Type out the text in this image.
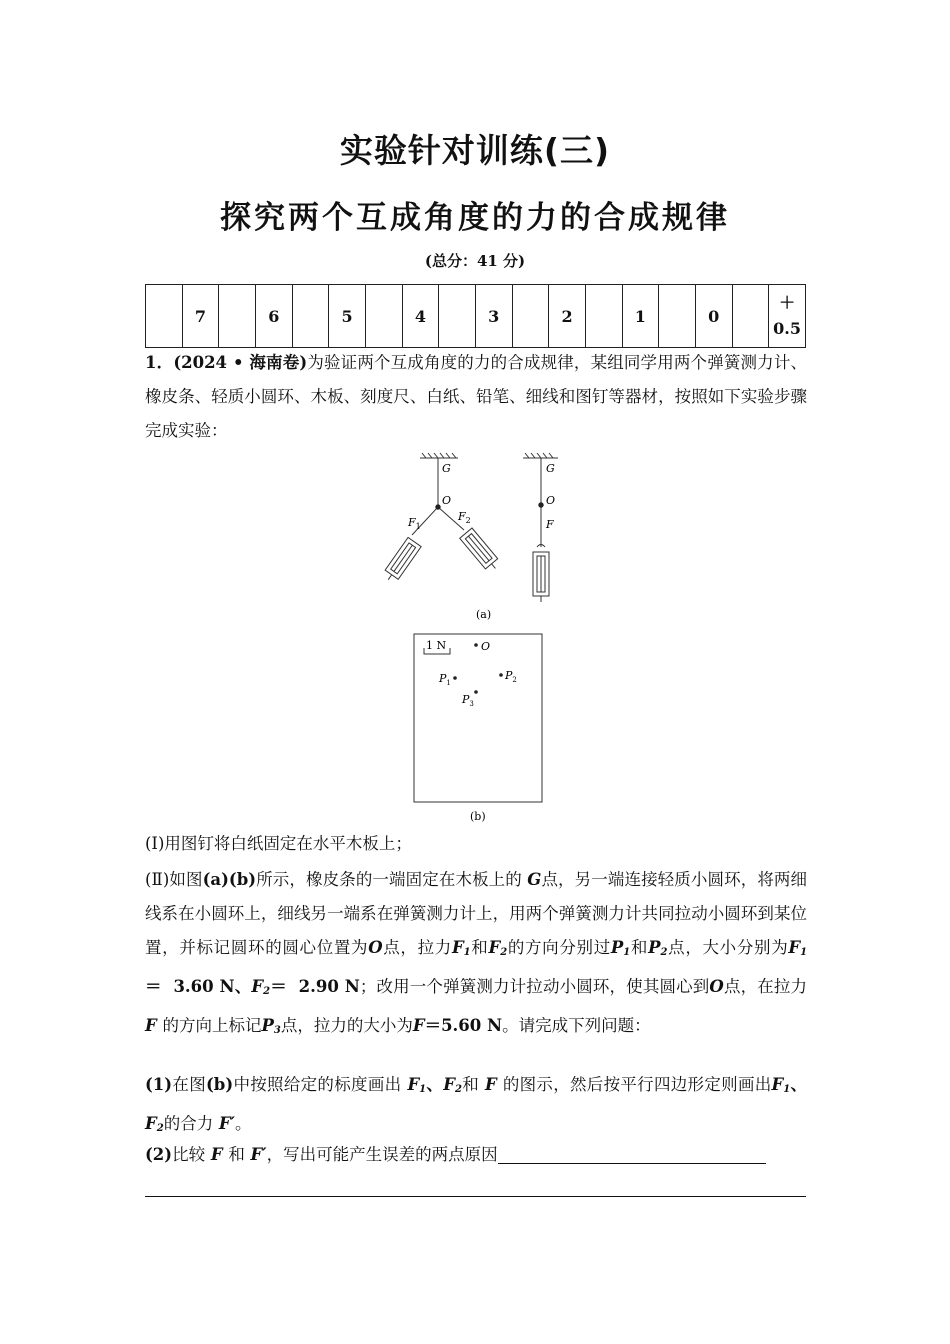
实验针对训练(三)
探究两个互成角度的力的合成规律
(总分：41 分)
	7		6		5		4		3		2		1		0		＋
0.5
1．(2024 • 海南卷)为验证两个互成角度的力的合成规律，某组同学用两个弹簧测力计、橡皮条、轻质小圆环、木板、刻度尺、白纸、铅笔、细线和图钉等器材，按照如下实验步骤完成实验：
G
O
$F_1$
$F_2$
G
O
F
(a)
1 N	O
$P_1$
$P_2$
$P_3$
(b)
(Ⅰ)用图钉将白纸固定在水平木板上；
(Ⅱ)如图(a)(b)所示，橡皮条的一端固定在木板上的 G点，另一端连接轻质小圆环，将两细线系在小圆环上，细线另一端系在弹簧测力计上，用两个弹簧测力计共同拉动小圆环到某位置，并标记圆环的圆心位置为O点，拉力$F_1$和$F_2$的方向分别过$P_1$和$P_2$点，大小分别为$F_1= 3.60$ N、$F_2= 2.90$ N；改用一个弹簧测力计拉动小圆环，使其圆心到O点，在拉力 F 的方向上标记$P_3$点，拉力的大小为F＝5.60 N。请完成下列问题：
(1)在图(b)中按照给定的标度画出 $F_1$、$F_2$和 F 的图示，然后按平行四边形定则画出$F_1$、$F_2$的合力 F′。
(2)比较 F 和 F′，写出可能产生误差的两点原因
